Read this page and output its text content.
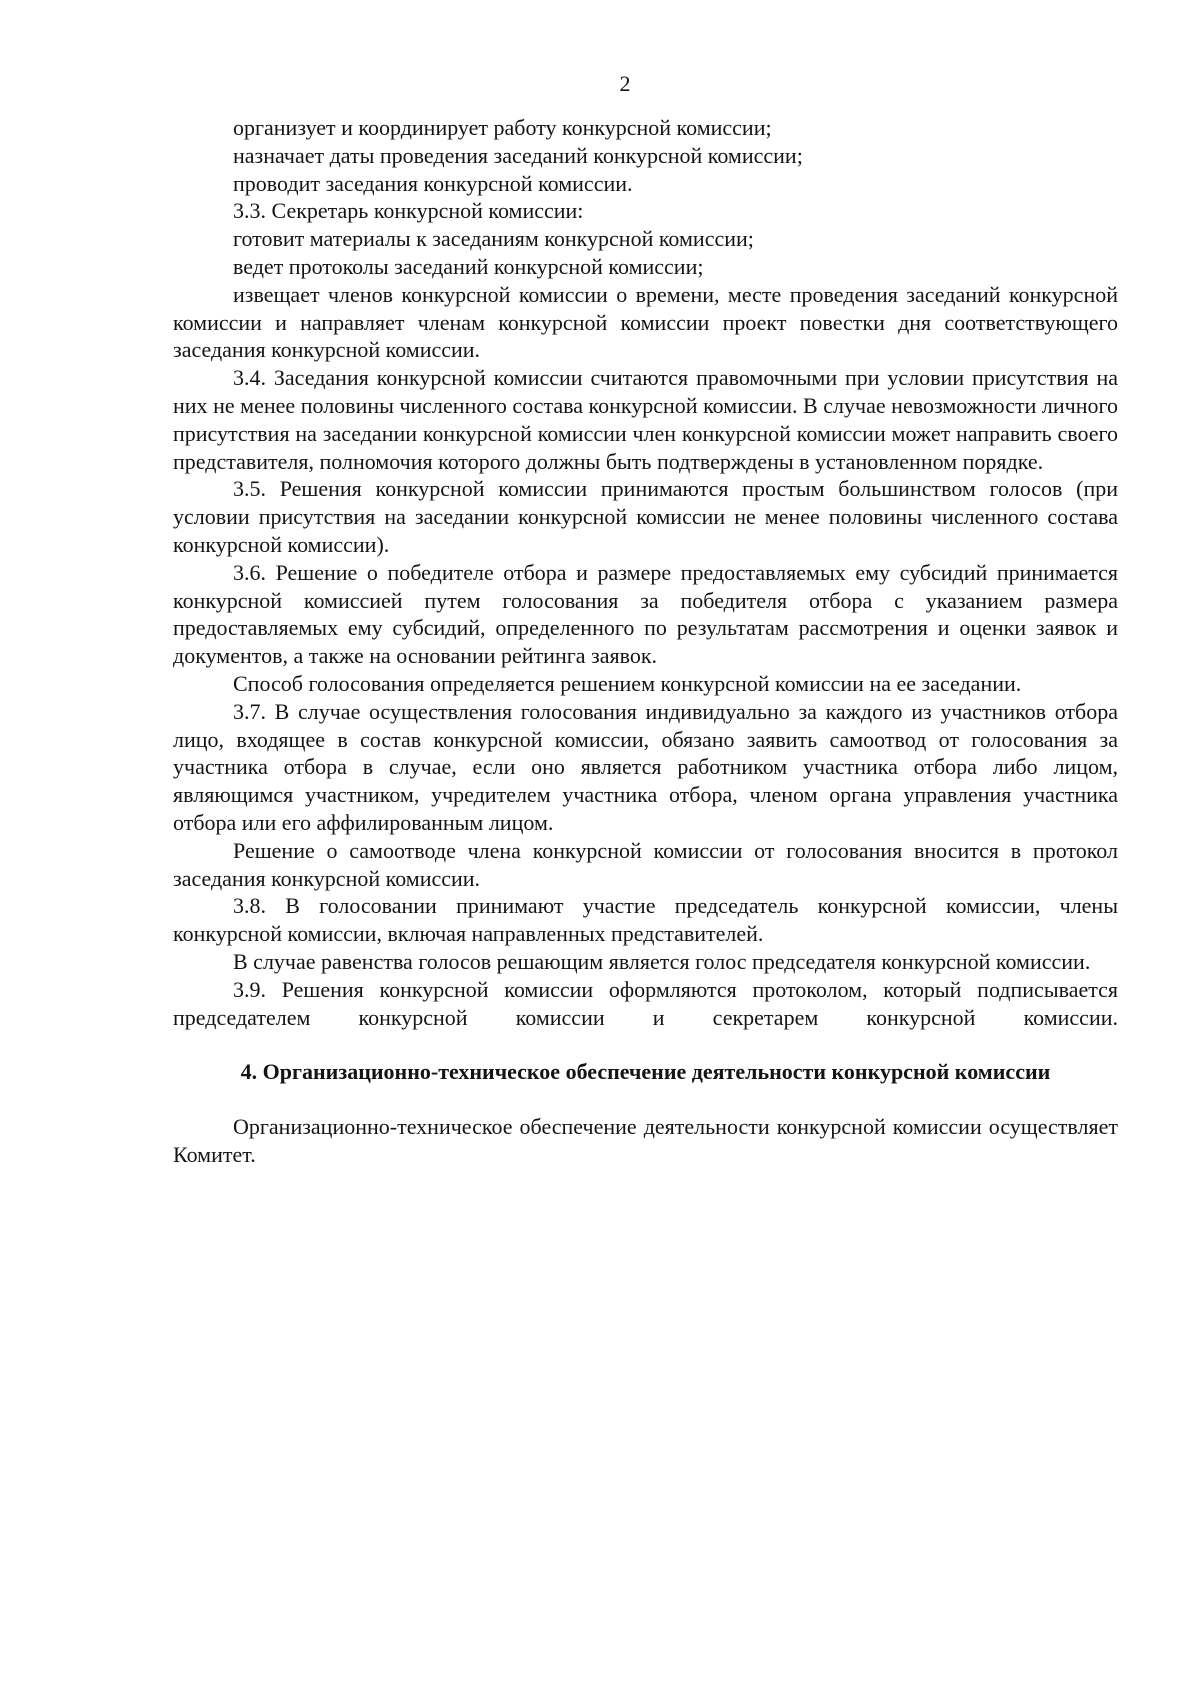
2

организует и координирует работу конкурсной комиссии;

назначает даты проведения заседаний конкурсной комиссии;

проводит заседания конкурсной комиссии.

3.3. Секретарь конкурсной комиссии:

готовит материалы к заседаниям конкурсной комиссии;

ведет протоколы заседаний конкурсной комиссии;

извещает членов конкурсной комиссии о времени, месте проведения заседаний конкурсной комиссии и направляет членам конкурсной комиссии проект повестки дня соответствующего заседания конкурсной комиссии.

3.4. Заседания конкурсной комиссии считаются правомочными при условии присутствия на них не менее половины численного состава конкурсной комиссии. В случае невозможности личного присутствия на заседании конкурсной комиссии член конкурсной комиссии может направить своего представителя, полномочия которого должны быть подтверждены в установленном порядке.

3.5. Решения конкурсной комиссии принимаются простым большинством голосов (при условии присутствия на заседании конкурсной комиссии не менее половины численного состава конкурсной комиссии).

3.6. Решение о победителе отбора и размере предоставляемых ему субсидий принимается конкурсной комиссией путем голосования за победителя отбора с указанием размера предоставляемых ему субсидий, определенного по результатам рассмотрения и оценки заявок и документов, а также на основании рейтинга заявок.

Способ голосования определяется решением конкурсной комиссии на ее заседании.

3.7. В случае осуществления голосования индивидуально за каждого из участников отбора лицо, входящее в состав конкурсной комиссии, обязано заявить самоотвод от голосования за участника отбора в случае, если оно является работником участника отбора либо лицом, являющимся участником, учредителем участника отбора, членом органа управления участника отбора или его аффилированным лицом.

Решение о самоотводе члена конкурсной комиссии от голосования вносится в протокол заседания конкурсной комиссии.

3.8. В голосовании принимают участие председатель конкурсной комиссии, члены конкурсной комиссии, включая направленных представителей.

В случае равенства голосов решающим является голос председателя конкурсной комиссии.

3.9. Решения конкурсной комиссии оформляются протоколом, который подписывается председателем конкурсной комиссии и секретарем конкурсной комиссии.

4. Организационно-техническое обеспечение деятельности конкурсной комиссии

Организационно-техническое обеспечение деятельности конкурсной комиссии осуществляет Комитет.
